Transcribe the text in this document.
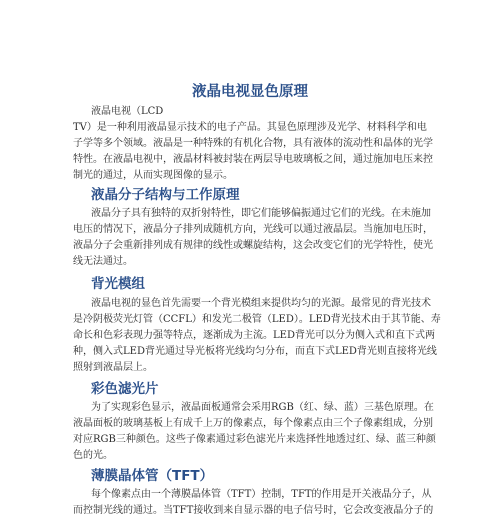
液晶电视显色原理

液晶电视（LCD
TV）是一种利用液晶显示技术的电子产品。其显色原理涉及光学、材料科学和电
子学等多个领域。液晶是一种特殊的有机化合物，具有液体的流动性和晶体的光学
特性。在液晶电视中，液晶材料被封装在两层导电玻璃板之间，通过施加电压来控
制光的通过，从而实现图像的显示。

液晶分子结构与工作原理

液晶分子具有独特的双折射特性，即它们能够偏振通过它们的光线。在未施加
电压的情况下，液晶分子排列成随机方向，光线可以通过液晶层。当施加电压时，
液晶分子会重新排列成有规律的线性或螺旋结构，这会改变它们的光学特性，使光
线无法通过。

背光模组

液晶电视的显色首先需要一个背光模组来提供均匀的光源。最常见的背光技术
是冷阴极荧光灯管（CCFL）和发光二极管（LED）。LED背光技术由于其节能、寿
命长和色彩表现力强等特点，逐渐成为主流。LED背光可以分为侧入式和直下式两
种，侧入式LED背光通过导光板将光线均匀分布，而直下式LED背光则直接将光线
照射到液晶层上。

彩色滤光片

为了实现彩色显示，液晶面板通常会采用RGB（红、绿、蓝）三基色原理。在
液晶面板的玻璃基板上有成千上万的像素点，每个像素点由三个子像素组成，分别
对应RGB三种颜色。这些子像素通过彩色滤光片来选择性地透过红、绿、蓝三种颜
色的光。

薄膜晶体管（TFT）

每个像素点由一个薄膜晶体管（TFT）控制，TFT的作用是开关液晶分子，从
而控制光线的通过。当TFT接收到来自显示器的电子信号时，它会改变液晶分子的
